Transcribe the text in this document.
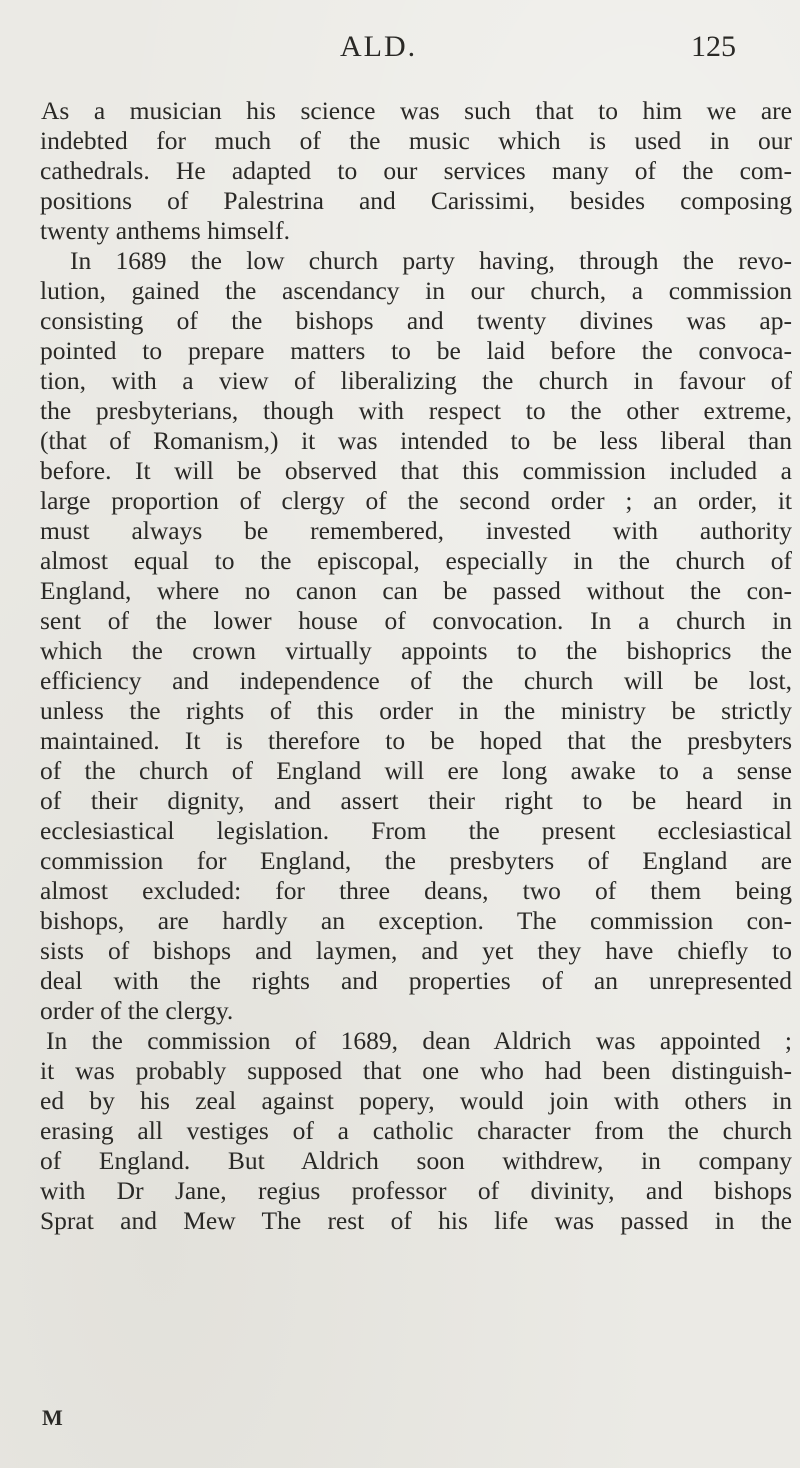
ALD.	125
As a musician his science was such that to him we are
indebted for much of the music which is used in our
cathedrals. He adapted to our services many of the com-
positions of Palestrina and Carissimi, besides composing
twenty anthems himself.
In 1689 the low church party having, through the revo-
lution, gained the ascendancy in our church, a commission
consisting of the bishops and twenty divines was ap-
pointed to prepare matters to be laid before the convoca-
tion, with a view of liberalizing the church in favour of
the presbyterians, though with respect to the other extreme,
(that of Romanism,) it was intended to be less liberal than
before. It will be observed that this commission included a
large proportion of clergy of the second order ; an order, it
must always be remembered, invested with authority
almost equal to the episcopal, especially in the church of
England, where no canon can be passed without the con-
sent of the lower house of convocation. In a church in
which the crown virtually appoints to the bishoprics the
efficiency and independence of the church will be lost,
unless the rights of this order in the ministry be strictly
maintained. It is therefore to be hoped that the presbyters
of the church of England will ere long awake to a sense
of their dignity, and assert their right to be heard in
ecclesiastical legislation. From the present ecclesiastical
commission for England, the presbyters of England are
almost excluded: for three deans, two of them being
bishops, are hardly an exception. The commission con-
sists of bishops and laymen, and yet they have chiefly to
deal with the rights and properties of an unrepresented
order of the clergy.
In the commission of 1689, dean Aldrich was appointed ;
it was probably supposed that one who had been distinguish-
ed by his zeal against popery, would join with others in
erasing all vestiges of a catholic character from the church
of England. But Aldrich soon withdrew, in company
with Dr Jane, regius professor of divinity, and bishops
Sprat and Mew The rest of his life was passed in the
M
